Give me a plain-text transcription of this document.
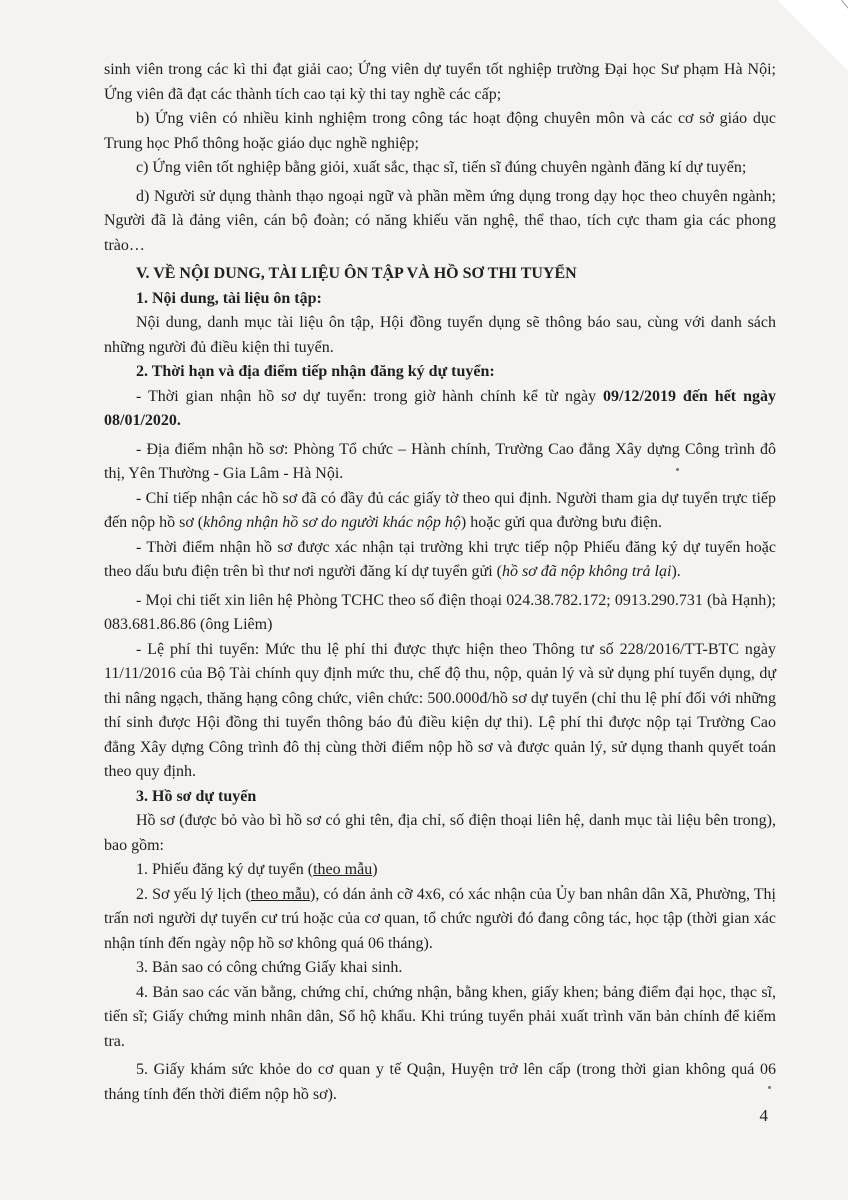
sinh viên trong các kì thi đạt giải cao; Ứng viên dự tuyển tốt nghiệp trường Đại học Sư phạm Hà Nội; Ứng viên đã đạt các thành tích cao tại kỳ thi tay nghề các cấp;

b) Ứng viên có nhiều kinh nghiệm trong công tác hoạt động chuyên môn và các cơ sở giáo dục Trung học Phổ thông hoặc giáo dục nghề nghiệp;

c) Ứng viên tốt nghiệp bằng giỏi, xuất sắc, thạc sĩ, tiến sĩ đúng chuyên ngành đăng kí dự tuyển;

d) Người sử dụng thành thạo ngoại ngữ và phần mềm ứng dụng trong dạy học theo chuyên ngành; Người đã là đảng viên, cán bộ đoàn; có năng khiếu văn nghệ, thể thao, tích cực tham gia các phong trào…

V. VỀ NỘI DUNG, TÀI LIỆU ÔN TẬP VÀ HỒ SƠ THI TUYỂN

1. Nội dung, tài liệu ôn tập:

Nội dung, danh mục tài liệu ôn tập, Hội đồng tuyển dụng sẽ thông báo sau, cùng với danh sách những người đủ điều kiện thi tuyển.

2. Thời hạn và địa điểm tiếp nhận đăng ký dự tuyển:

- Thời gian nhận hồ sơ dự tuyển: trong giờ hành chính kể từ ngày 09/12/2019 đến hết ngày 08/01/2020.

- Địa điểm nhận hồ sơ: Phòng Tổ chức – Hành chính, Trường Cao đẳng Xây dựng Công trình đô thị, Yên Thường - Gia Lâm - Hà Nội.

- Chỉ tiếp nhận các hồ sơ đã có đầy đủ các giấy tờ theo qui định. Người tham gia dự tuyển trực tiếp đến nộp hồ sơ (không nhận hồ sơ do người khác nộp hộ) hoặc gửi qua đường bưu điện.

- Thời điểm nhận hồ sơ được xác nhận tại trường khi trực tiếp nộp Phiếu đăng ký dự tuyển hoặc theo dấu bưu điện trên bì thư nơi người đăng kí dự tuyển gửi (hồ sơ đã nộp không trả lại).

- Mọi chi tiết xin liên hệ Phòng TCHC theo số điện thoại 024.38.782.172; 0913.290.731 (bà Hạnh); 083.681.86.86 (ông Liêm)

- Lệ phí thi tuyển: Mức thu lệ phí thi được thực hiện theo Thông tư số 228/2016/TT-BTC ngày 11/11/2016 của Bộ Tài chính quy định mức thu, chế độ thu, nộp, quản lý và sử dụng phí tuyển dụng, dự thi nâng ngạch, thăng hạng công chức, viên chức: 500.000đ/hồ sơ dự tuyển (chỉ thu lệ phí đối với những thí sinh được Hội đồng thi tuyển thông báo đủ điều kiện dự thi). Lệ phí thi được nộp tại Trường Cao đẳng Xây dựng Công trình đô thị cùng thời điểm nộp hồ sơ và được quản lý, sử dụng thanh quyết toán theo quy định.

3. Hồ sơ dự tuyển

Hồ sơ (được bỏ vào bì hồ sơ có ghi tên, địa chỉ, số điện thoại liên hệ, danh mục tài liệu bên trong), bao gồm:

1. Phiếu đăng ký dự tuyển (theo mẫu)

2. Sơ yếu lý lịch (theo mẫu), có dán ảnh cỡ 4x6, có xác nhận của Ủy ban nhân dân Xã, Phường, Thị trấn nơi người dự tuyển cư trú hoặc của cơ quan, tổ chức người đó đang công tác, học tập (thời gian xác nhận tính đến ngày nộp hồ sơ không quá 06 tháng).

3. Bản sao có công chứng Giấy khai sinh.

4. Bản sao các văn bằng, chứng chỉ, chứng nhận, bằng khen, giấy khen; bảng điểm đại học, thạc sĩ, tiến sĩ; Giấy chứng minh nhân dân, Sổ hộ khẩu. Khi trúng tuyển phải xuất trình văn bản chính để kiểm tra.

5. Giấy khám sức khỏe do cơ quan y tế Quận, Huyện trở lên cấp (trong thời gian không quá 06 tháng tính đến thời điểm nộp hồ sơ).

4
